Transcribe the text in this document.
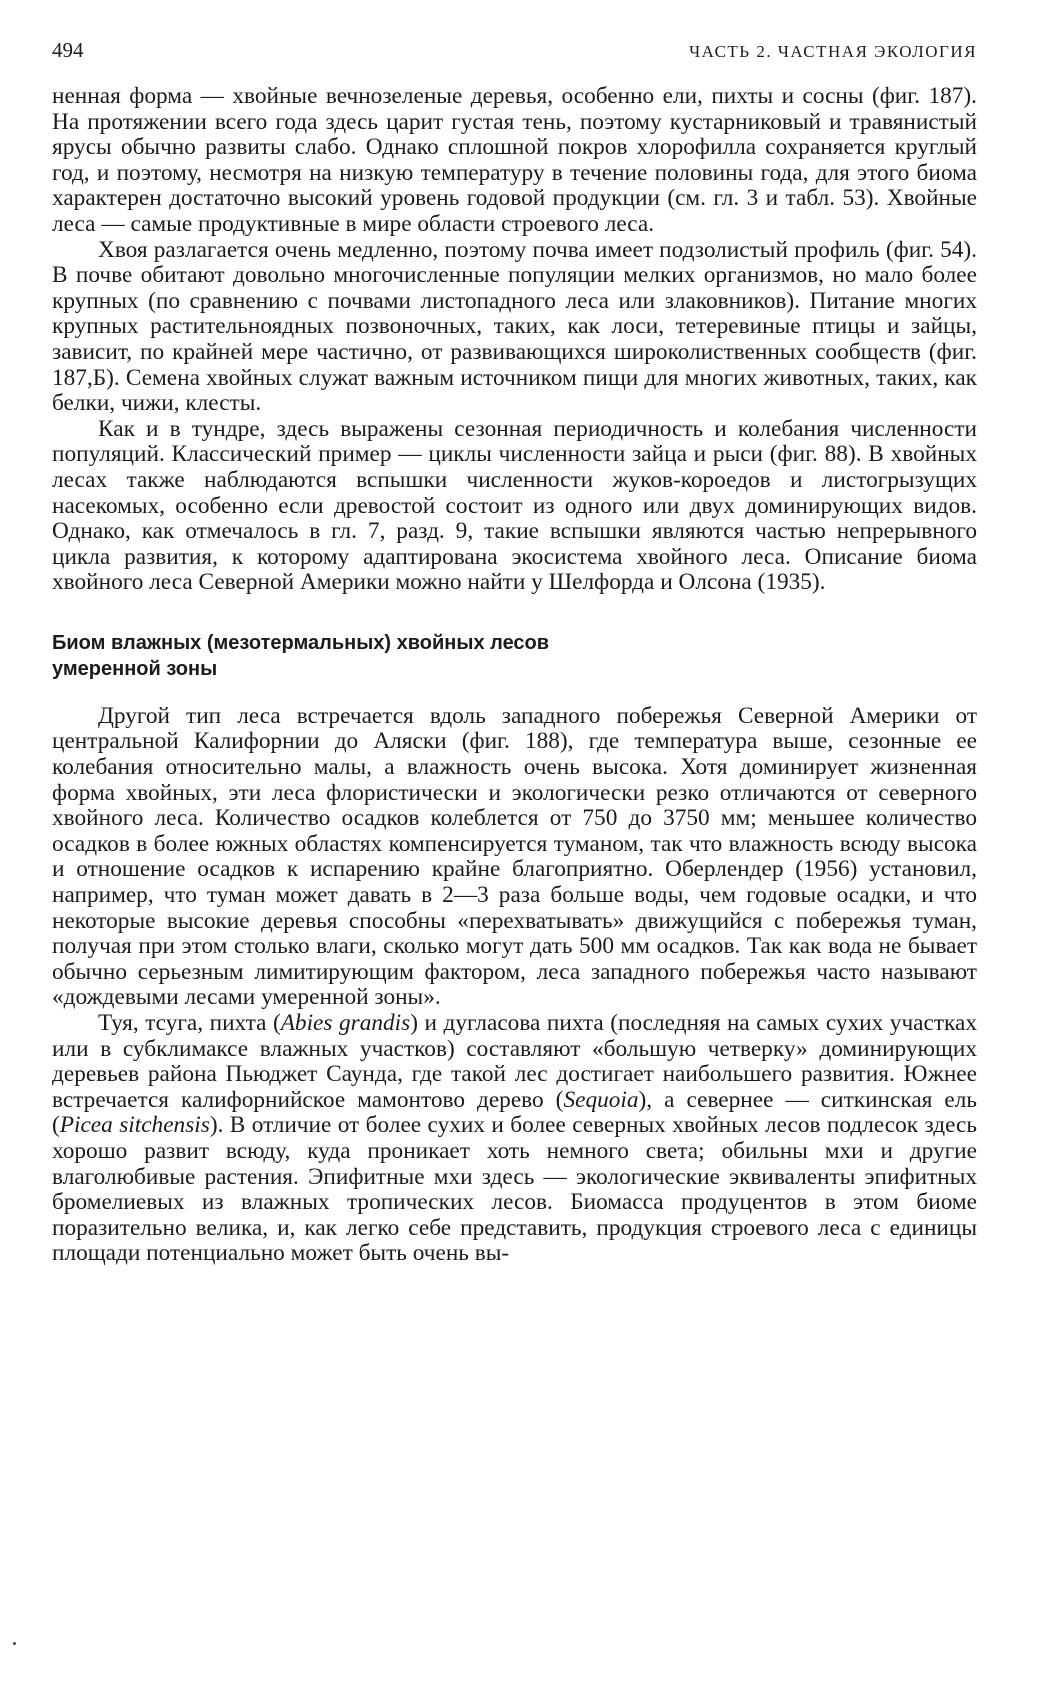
494	ЧАСТЬ 2. ЧАСТНАЯ ЭКОЛОГИЯ

ненная форма — хвойные вечнозеленые деревья, особенно ели, пихты и сосны (фиг. 187). На протяжении всего года здесь царит густая тень, поэтому кустарниковый и травянистый ярусы обычно развиты слабо. Однако сплошной покров хлорофилла сохраняется круглый год, и поэтому, несмотря на низкую температуру в течение половины года, для этого биома характерен достаточно высокий уровень годовой продукции (см. гл. 3 и табл. 53). Хвойные леса — самые продуктивные в мире области строевого леса.

Хвоя разлагается очень медленно, поэтому почва имеет подзолистый профиль (фиг. 54). В почве обитают довольно многочисленные популяции мелких организмов, но мало более крупных (по сравнению с почвами листопадного леса или злаковников). Питание многих крупных растительноядных позвоночных, таких, как лоси, тетеревиные птицы и зайцы, зависит, по крайней мере частично, от развивающихся широколиственных сообществ (фиг. 187,Б). Семена хвойных служат важным источником пищи для многих животных, таких, как белки, чижи, клесты.

Как и в тундре, здесь выражены сезонная периодичность и колебания численности популяций. Классический пример — циклы численности зайца и рыси (фиг. 88). В хвойных лесах также наблюдаются вспышки численности жуков-короедов и листогрызущих насекомых, особенно если древостой состоит из одного или двух доминирующих видов. Однако, как отмечалось в гл. 7, разд. 9, такие вспышки являются частью непрерывного цикла развития, к которому адаптирована экосистема хвойного леса. Описание биома хвойного леса Северной Америки можно найти у Шелфорда и Олсона (1935).

Биом влажных (мезотермальных) хвойных лесов
умеренной зоны

Другой тип леса встречается вдоль западного побережья Северной Америки от центральной Калифорнии до Аляски (фиг. 188), где температура выше, сезонные ее колебания относительно малы, а влажность очень высока. Хотя доминирует жизненная форма хвойных, эти леса флористически и экологически резко отличаются от северного хвойного леса. Количество осадков колеблется от 750 до 3750 мм; меньшее количество осадков в более южных областях компенсируется туманом, так что влажность всюду высока и отношение осадков к испарению крайне благоприятно. Оберлендер (1956) установил, например, что туман может давать в 2—3 раза больше воды, чем годовые осадки, и что некоторые высокие деревья способны «перехватывать» движущийся с побережья туман, получая при этом столько влаги, сколько могут дать 500 мм осадков. Так как вода не бывает обычно серьезным лимитирующим фактором, леса западного побережья часто называют «дождевыми лесами умеренной зоны».

Туя, тсуга, пихта (Abies grandis) и дугласова пихта (последняя на самых сухих участках или в субклимаксе влажных участков) составляют «большую четверку» доминирующих деревьев района Пьюджет Саунда, где такой лес достигает наибольшего развития. Южнее встречается калифорнийское мамонтово дерево (Sequoia), а севернее — ситкинская ель (Picea sitchensis). В отличие от более сухих и более северных хвойных лесов подлесок здесь хорошо развит всюду, куда проникает хоть немного света; обильны мхи и другие влаголюбивые растения. Эпифитные мхи здесь — экологические эквиваленты эпифитных бромелиевых из влажных тропических лесов. Биомасса продуцентов в этом биоме поразительно велика, и, как легко себе представить, продукция строевого леса с единицы площади потенциально может быть очень вы-
